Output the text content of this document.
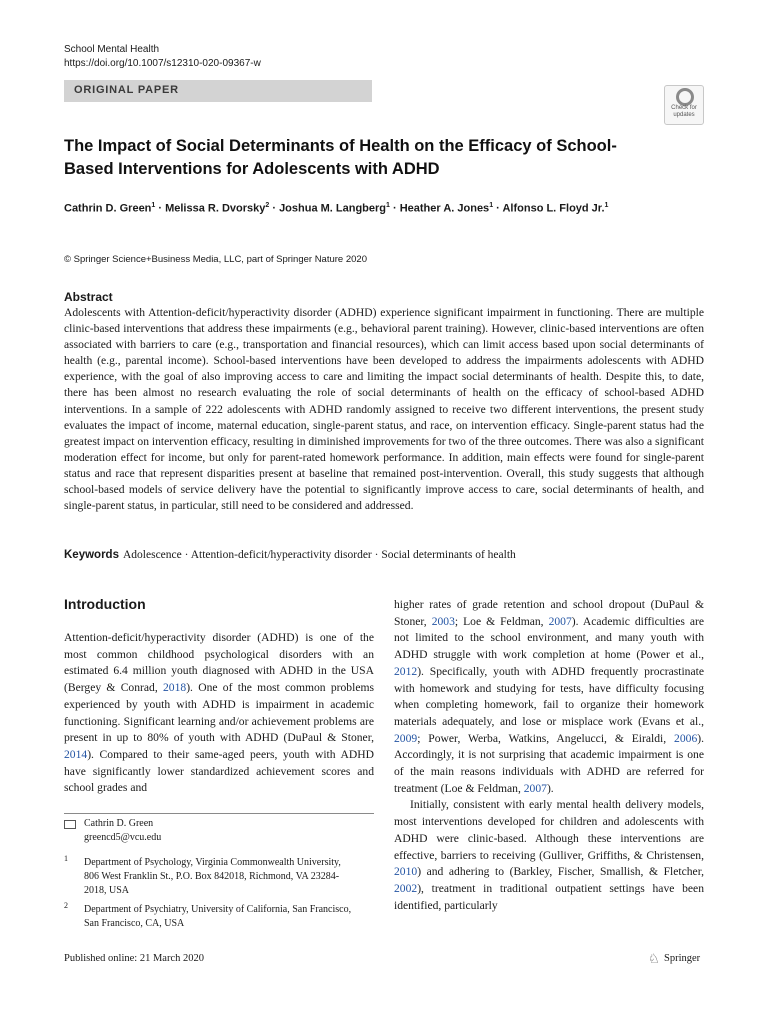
School Mental Health
https://doi.org/10.1007/s12310-020-09367-w
ORIGINAL PAPER
Check for
updates
The Impact of Social Determinants of Health on the Efficacy of School-Based Interventions for Adolescents with ADHD
Cathrin D. Green$^1$ · Melissa R. Dvorsky$^2$ · Joshua M. Langberg$^1$ · Heather A. Jones$^1$ · Alfonso L. Floyd Jr.$^1$
© Springer Science+Business Media, LLC, part of Springer Nature 2020
Abstract
Adolescents with Attention-deficit/hyperactivity disorder (ADHD) experience significant impairment in functioning. There are multiple clinic-based interventions that address these impairments (e.g., behavioral parent training). However, clinic-based interventions are often associated with barriers to care (e.g., transportation and financial resources), which can limit access based upon social determinants of health (e.g., parental income). School-based interventions have been developed to address the impairments adolescents with ADHD experience, with the goal of also improving access to care and limiting the impact social determinants of health. Despite this, to date, there has been almost no research evaluating the role of social determinants of health on the efficacy of school-based ADHD interventions. In a sample of 222 adolescents with ADHD randomly assigned to receive two different interventions, the present study evaluates the impact of income, maternal education, single-parent status, and race, on intervention efficacy. Single-parent status had the greatest impact on intervention efficacy, resulting in diminished improvements for two of the three outcomes. There was also a significant moderation effect for income, but only for parent-rated homework performance. In addition, main effects were found for single-parent status and race that represent disparities present at baseline that remained post-intervention. Overall, this study suggests that although school-based models of service delivery have the potential to significantly improve access to care, social determinants of health, and single-parent status, in particular, still need to be considered and addressed.
Keywords Adolescence · Attention-deficit/hyperactivity disorder · Social determinants of health
Introduction
Attention-deficit/hyperactivity disorder (ADHD) is one of the most common childhood psychological disorders with an estimated 6.4 million youth diagnosed with ADHD in the USA (Bergey & Conrad, 2018). One of the most common problems experienced by youth with ADHD is impairment in academic functioning. Significant learning and/or achievement problems are present in up to 80% of youth with ADHD (DuPaul & Stoner, 2014). Compared to their same-aged peers, youth with ADHD have significantly lower standardized achievement scores and school grades and

higher rates of grade retention and school dropout (DuPaul & Stoner, 2003; Loe & Feldman, 2007). Academic difficulties are not limited to the school environment, and many youth with ADHD struggle with work completion at home (Power et al., 2012). Specifically, youth with ADHD frequently procrastinate with homework and studying for tests, have difficulty focusing when completing homework, fail to organize their homework materials adequately, and lose or misplace work (Evans et al., 2009; Power, Werba, Watkins, Angelucci, & Eiraldi, 2006). Accordingly, it is not surprising that academic impairment is one of the main reasons individuals with ADHD are referred for treatment (Loe & Feldman, 2007).

Initially, consistent with early mental health delivery models, most interventions developed for children and adolescents with ADHD were clinic-based. Although these interventions are effective, barriers to receiving (Gulliver, Griffiths, & Christensen, 2010) and adhering to (Barkley, Fischer, Smallish, & Fletcher, 2002), treatment in traditional outpatient settings have been identified, particularly

Cathrin D. Green
greencd5@vcu.edu
1 Department of Psychology, Virginia Commonwealth University, 806 West Franklin St., P.O. Box 842018, Richmond, VA 23284-2018, USA
2 Department of Psychiatry, University of California, San Francisco, San Francisco, CA, USA
Published online: 21 March 2020	♘ Springer
